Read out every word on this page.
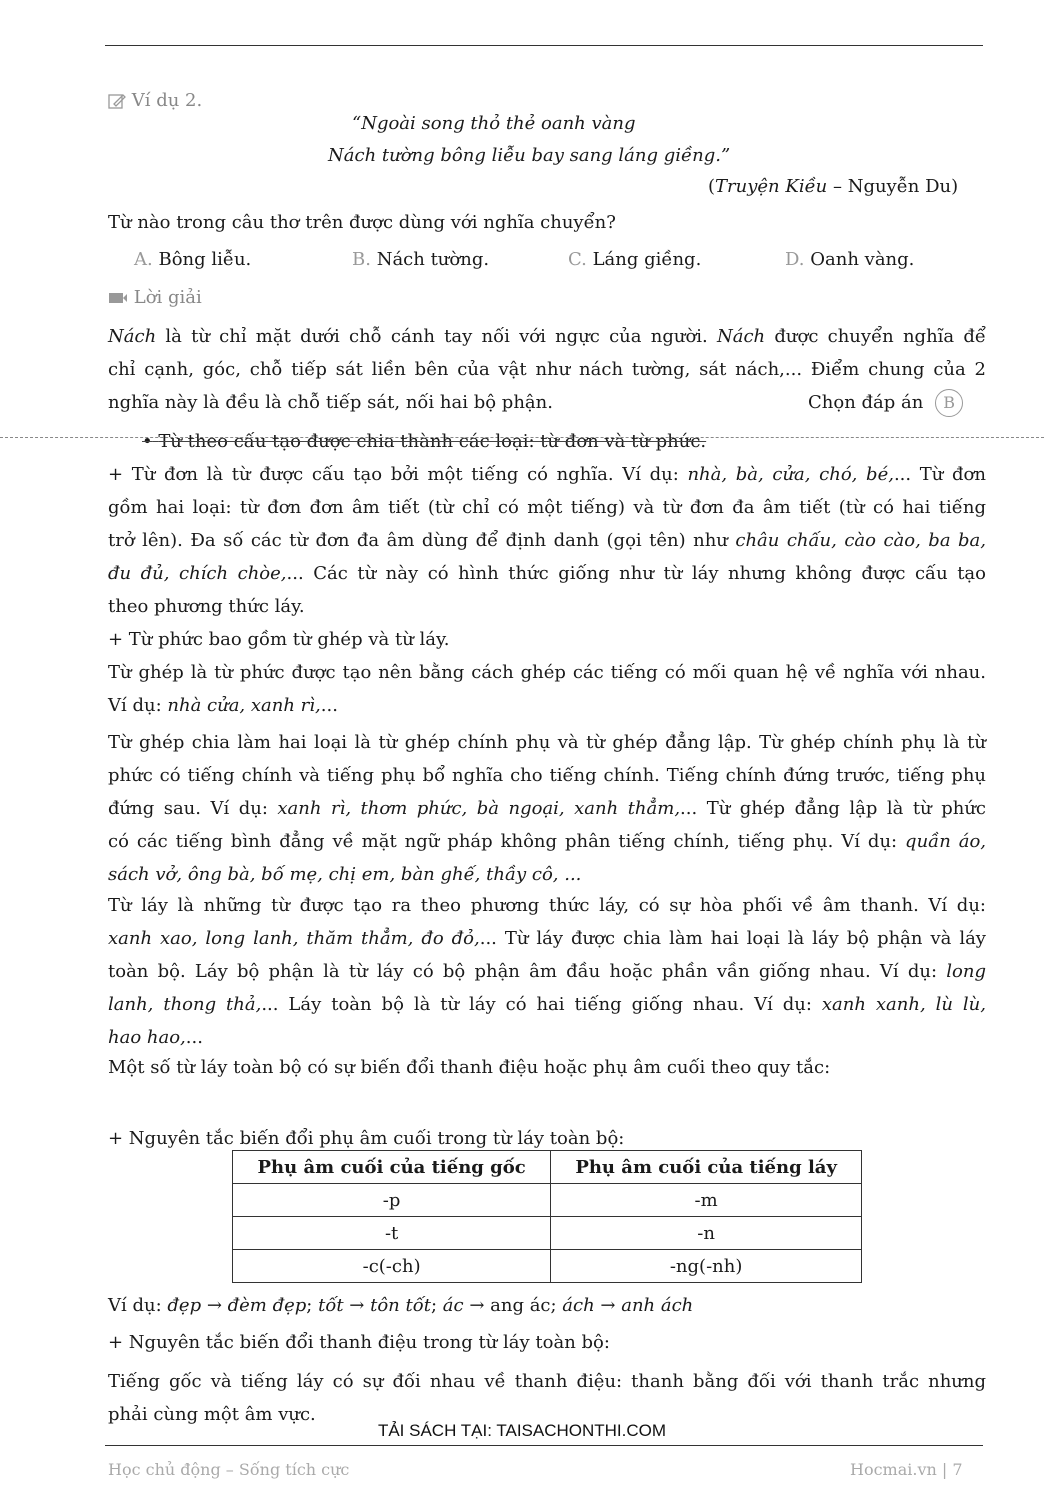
Ví dụ 2.
“Ngoài song thỏ thẻ oanh vàng
Nách tường bông liễu bay sang láng giềng.”
(Truyện Kiều – Nguyễn Du)
Từ nào trong câu thơ trên được dùng với nghĩa chuyển?
A. Bông liễu.	B. Nách tường.	C. Láng giềng.	D. Oanh vàng.
Lời giải
Nách là từ chỉ mặt dưới chỗ cánh tay nối với ngực của người. Nách được chuyển nghĩa để
chỉ cạnh, góc, chỗ tiếp sát liền bên của vật như nách tường, sát nách,... Điểm chung của 2
nghĩa này là đều là chỗ tiếp sát, nối hai bộ phận.	Chọn đáp án B
• Từ theo cấu tạo được chia thành các loại: từ đơn và từ phức.
+ Từ đơn là từ được cấu tạo bởi một tiếng có nghĩa. Ví dụ: nhà, bà, cửa, chó, bé,... Từ đơn
gồm hai loại: từ đơn đơn âm tiết (từ chỉ có một tiếng) và từ đơn đa âm tiết (từ có hai tiếng
trở lên). Đa số các từ đơn đa âm dùng để định danh (gọi tên) như châu chấu, cào cào, ba ba,
đu đủ, chích chòe,... Các từ này có hình thức giống như từ láy nhưng không được cấu tạo
theo phương thức láy.
+ Từ phức bao gồm từ ghép và từ láy.
Từ ghép là từ phức được tạo nên bằng cách ghép các tiếng có mối quan hệ về nghĩa với nhau.
Ví dụ: nhà cửa, xanh rì,...
Từ ghép chia làm hai loại là từ ghép chính phụ và từ ghép đẳng lập. Từ ghép chính phụ là từ
phức có tiếng chính và tiếng phụ bổ nghĩa cho tiếng chính. Tiếng chính đứng trước, tiếng phụ
đứng sau. Ví dụ: xanh rì, thơm phức, bà ngoại, xanh thẳm,... Từ ghép đẳng lập là từ phức
có các tiếng bình đẳng về mặt ngữ pháp không phân tiếng chính, tiếng phụ. Ví dụ: quần áo,
sách vở, ông bà, bố mẹ, chị em, bàn ghế, thầy cô, ...
Từ láy là những từ được tạo ra theo phương thức láy, có sự hòa phối về âm thanh. Ví dụ:
xanh xao, long lanh, thăm thẳm, đo đỏ,... Từ láy được chia làm hai loại là láy bộ phận và láy
toàn bộ. Láy bộ phận là từ láy có bộ phận âm đầu hoặc phần vần giống nhau. Ví dụ: long
lanh, thong thả,... Láy toàn bộ là từ láy có hai tiếng giống nhau. Ví dụ: xanh xanh, lù lù,
hao hao,...
Một số từ láy toàn bộ có sự biến đổi thanh điệu hoặc phụ âm cuối theo quy tắc:
+ Nguyên tắc biến đổi phụ âm cuối trong từ láy toàn bộ:
Phụ âm cuối của tiếng gốc	Phụ âm cuối của tiếng láy
-p	-m
-t	-n
-c(-ch)	-ng(-nh)
Ví dụ: đẹp → đèm đẹp; tốt → tôn tốt; ác → ang ác; ách → anh ách
+ Nguyên tắc biến đổi thanh điệu trong từ láy toàn bộ:
Tiếng gốc và tiếng láy có sự đối nhau về thanh điệu: thanh bằng đối với thanh trắc nhưng
phải cùng một âm vực.
TẢI SÁCH TẠI: TAISACHONTHI.COM
Học chủ động – Sống tích cực	Hocmai.vn | 7
